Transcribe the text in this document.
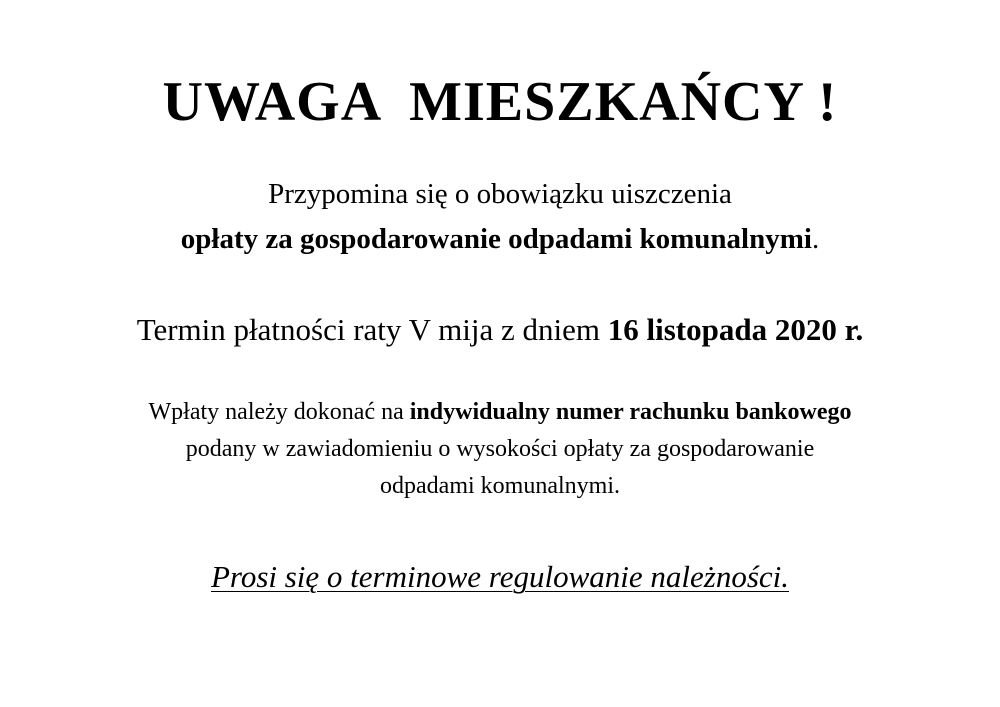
UWAGA  MIESZKAŃCY !

Przypomina się o obowiązku uiszczenia

opłaty za gospodarowanie odpadami komunalnymi.

Termin płatności raty V mija z dniem 16 listopada 2020 r.

Wpłaty należy dokonać na indywidualny numer rachunku bankowego

podany w zawiadomieniu o wysokości opłaty za gospodarowanie

odpadami komunalnymi.

Prosi się o terminowe regulowanie należności.
